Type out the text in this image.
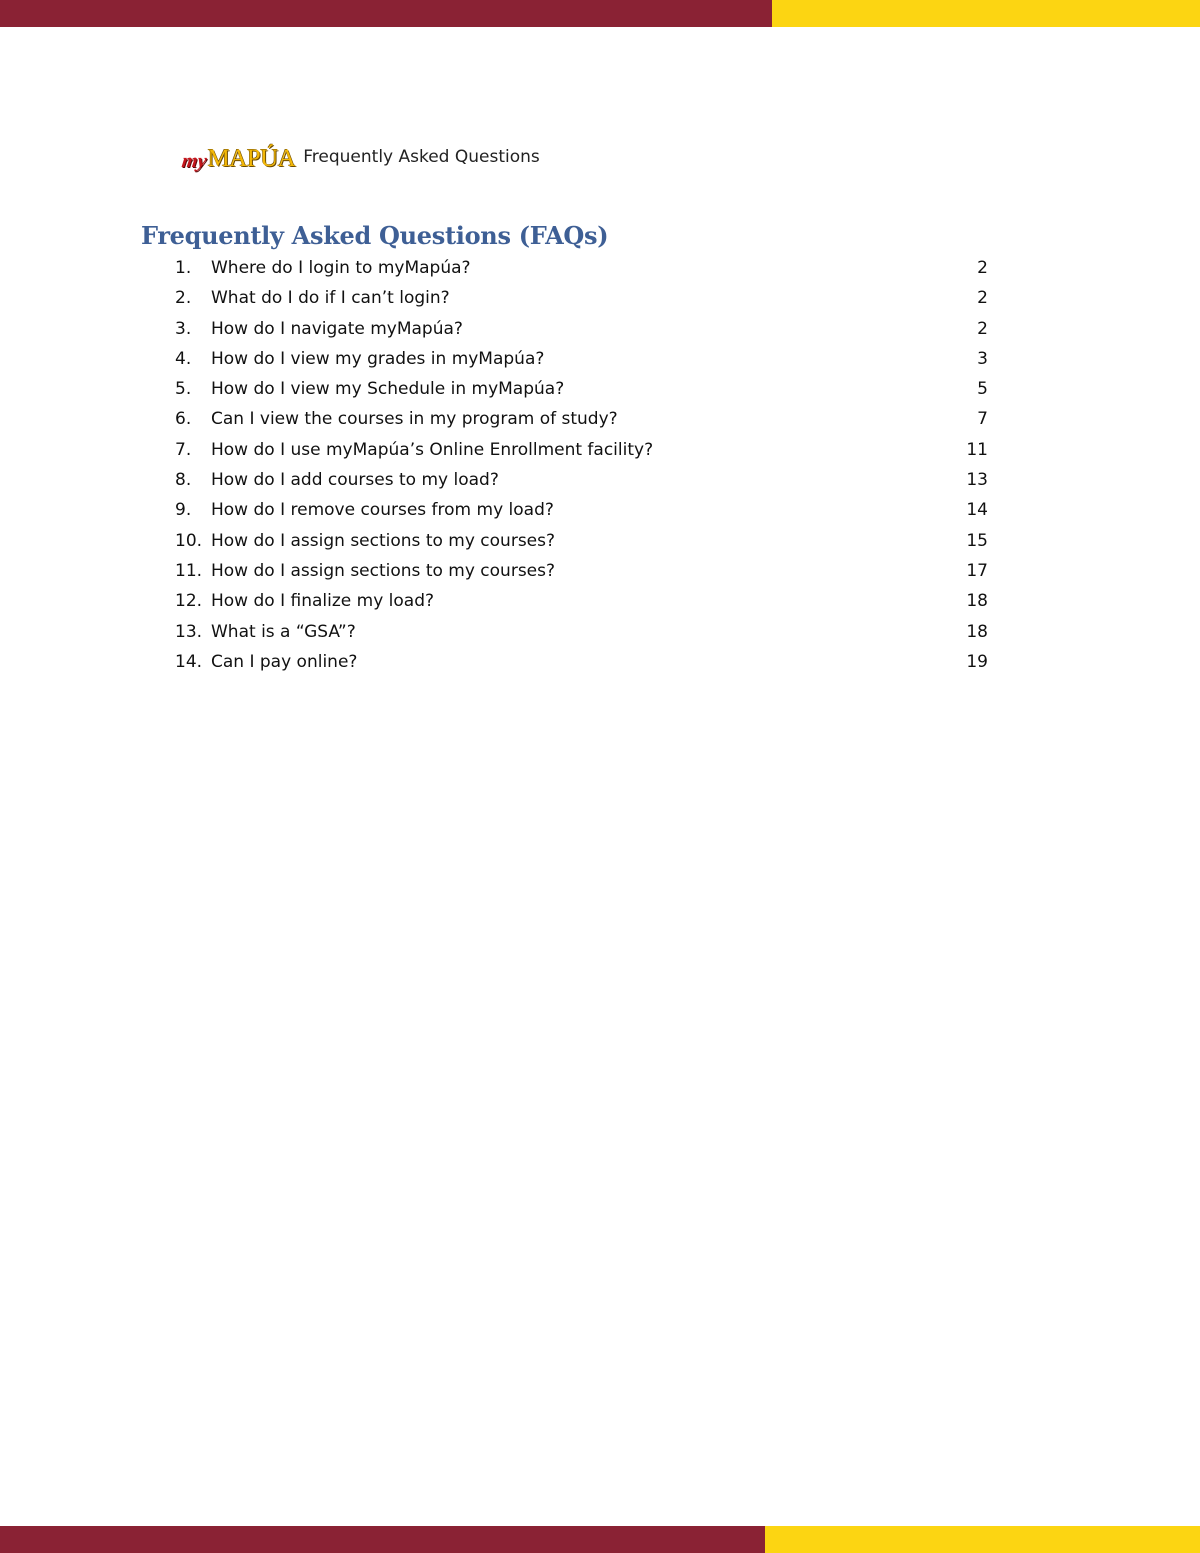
my MAPÚA Frequently Asked Questions
Frequently Asked Questions (FAQs)
1. Where do I login to myMapúa?	2
2. What do I do if I can’t login?	2
3. How do I navigate myMapúa?	2
4. How do I view my grades in myMapúa?	3
5. How do I view my Schedule in myMapúa?	5
6. Can I view the courses in my program of study?	7
7. How do I use myMapúa’s Online Enrollment facility?	11
8. How do I add courses to my load?	13
9. How do I remove courses from my load?	14
10. How do I assign sections to my courses?	15
11. How do I assign sections to my courses?	17
12. How do I finalize my load?	18
13. What is a “GSA”?	18
14. Can I pay online?	19
